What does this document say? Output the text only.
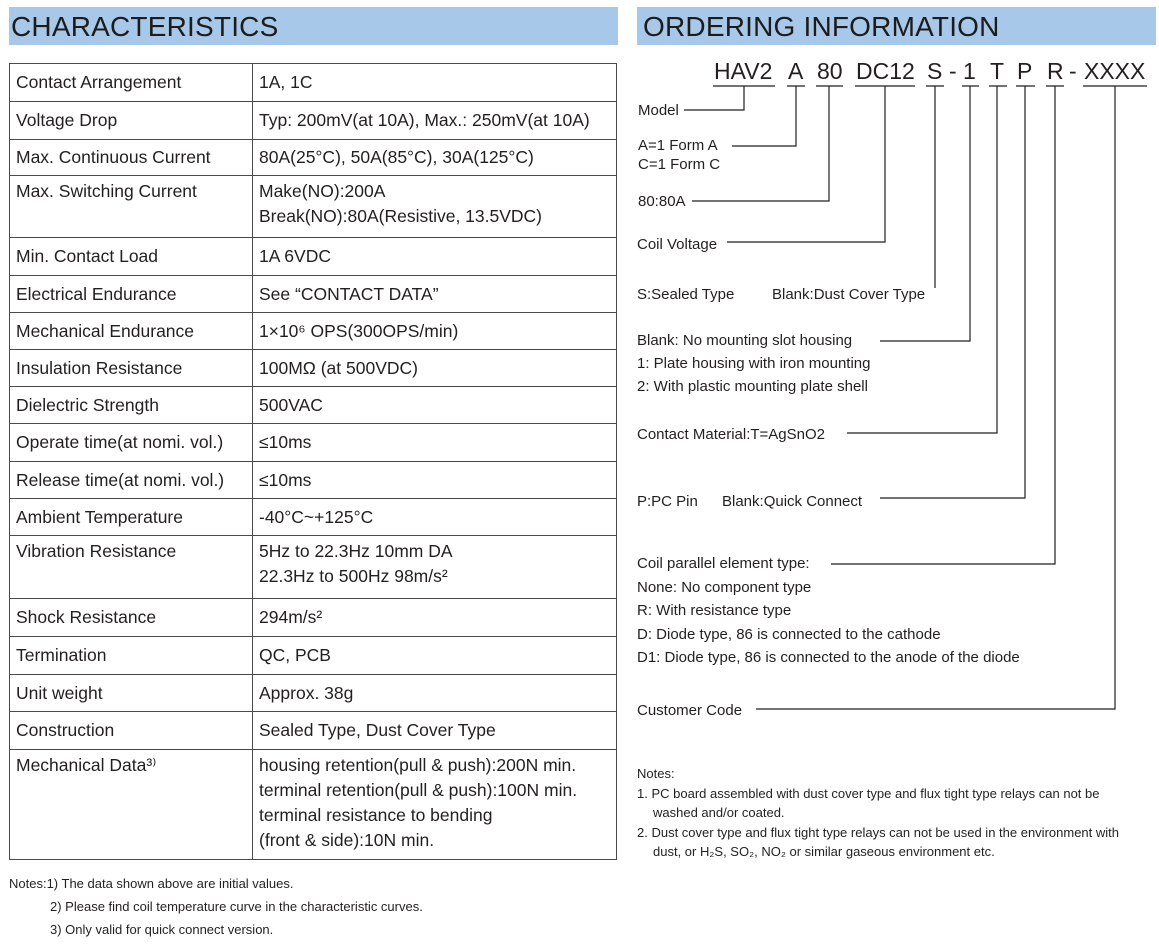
CHARACTERISTICS	ORDERING INFORMATION
Contact Arrangement	1A, 1C
Voltage Drop	Typ: 200mV(at 10A), Max.: 250mV(at 10A)
Max. Continuous Current	80A(25°C), 50A(85°C), 30A(125°C)
Max. Switching Current	Make(NO):200A
Break(NO):80A(Resistive, 13.5VDC)

Min. Contact Load	1A 6VDC
Electrical Endurance	See “CONTACT DATA”
Mechanical Endurance	1×10⁶ OPS(300OPS/min)
Insulation Resistance	100MΩ (at 500VDC)
Dielectric Strength	500VAC
Operate time(at nomi. vol.)	≤10ms
Release time(at nomi. vol.)	≤10ms
Ambient Temperature	-40°C~+125°C
Vibration Resistance	5Hz to 22.3Hz 10mm DA
22.3Hz to 500Hz 98m/s²

Shock Resistance	294m/s²
Termination	QC, PCB
Unit weight	Approx. 38g
Construction	Sealed Type, Dust Cover Type
Mechanical Data³⁾	housing retention(pull & push):200N min.
terminal retention(pull & push):100N min.
terminal resistance to bending
(front & side):10N min.
Notes:1) The data shown above are initial values.
2) Please find coil temperature curve in the characteristic curves.
3) Only valid for quick connect version.
HAV2 A 80 DC12 S - 1 T P R - XXXX
Model
A=1 Form A
C=1 Form C
80:80A
Coil Voltage
S:Sealed Type	Blank:Dust Cover Type
Blank: No mounting slot housing
1: Plate housing with iron mounting
2: With plastic mounting plate shell
Contact Material:T=AgSnO2
P:PC Pin Blank:Quick Connect
Coil parallel element type:
None: No component type
R: With resistance type
D: Diode type, 86 is connected to the cathode
D1: Diode type, 86 is connected to the anode of the diode
Customer Code
Notes:
1. PC board assembled with dust cover type and flux tight type relays can not be washed and/or coated.
2. Dust cover type and flux tight type relays can not be used in the environment with dust, or H₂S, SO₂, NO₂ or similar gaseous environment etc.
